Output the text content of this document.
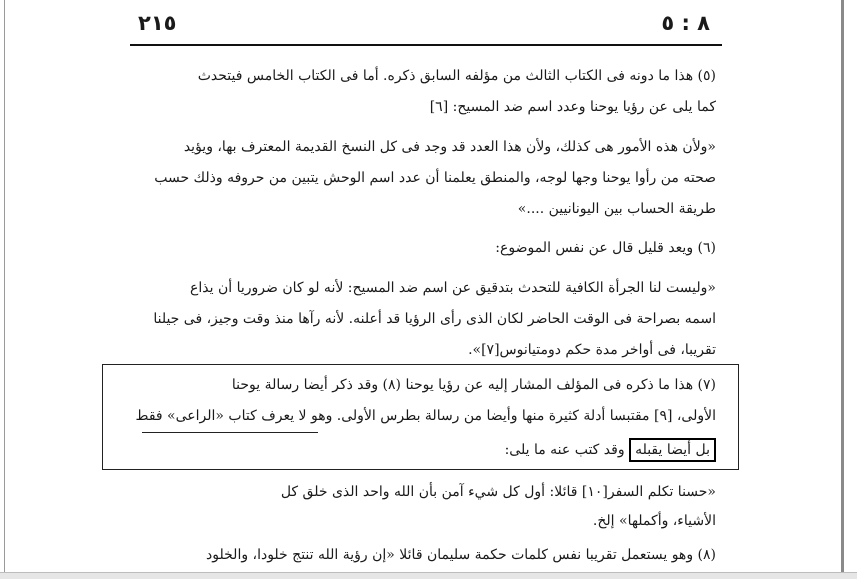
٢١٥	٨ : ٥
(٥) هذا ما دونه فى الكتاب الثالث من مؤلفه السابق ذكره. أما فى الكتاب الخامس فيتحدث
كما يلى عن رؤيا يوحنا وعدد اسم ضد المسيح: [٦]
«ولأن هذه الأمور هى كذلك، ولأن هذا العدد قد وجد فى كل النسخ القديمة المعترف بها، ويؤيد
صحته من رأوا يوحنا وجها لوجه، والمنطق يعلمنا أن عدد اسم الوحش يتبين من حروفه وذلك حسب
طريقة الحساب بين اليونانيين ....»
(٦) ويعد قليل قال عن نفس الموضوع:
«وليست لنا الجرأة الكافية للتحدث بتدقيق عن اسم ضد المسيح: لأنه لو كان ضروريا أن يذاع
اسمه بصراحة فى الوقت الحاضر لكان الذى رأى الرؤيا قد أعلنه. لأنه رآها منذ وقت وجيز، فى جيلنا
تقريبا، فى أواخر مدة حكم دومتيانوس[٧]».
(٧) هذا ما ذكره فى المؤلف المشار إليه عن رؤيا يوحنا (٨) وقد ذكر أيضا رسالة يوحنا
الأولى، [٩] مقتبسا أدلة كثيرة منها وأيضا من رسالة بطرس الأولى. وهو لا يعرف كتاب «الراعى» فقط
بل أيضا يقبله وقد كتب عنه ما يلى:
«حسنا تكلم السفر[١٠] قائلا: أول كل شيء آمن بأن الله واحد الذى خلق كل
الأشياء، وأكملها» إلخ.
(٨) وهو يستعمل تقريبا نفس كلمات حكمة سليمان قائلا «إن رؤية الله تنتج خلودا، والخلود
